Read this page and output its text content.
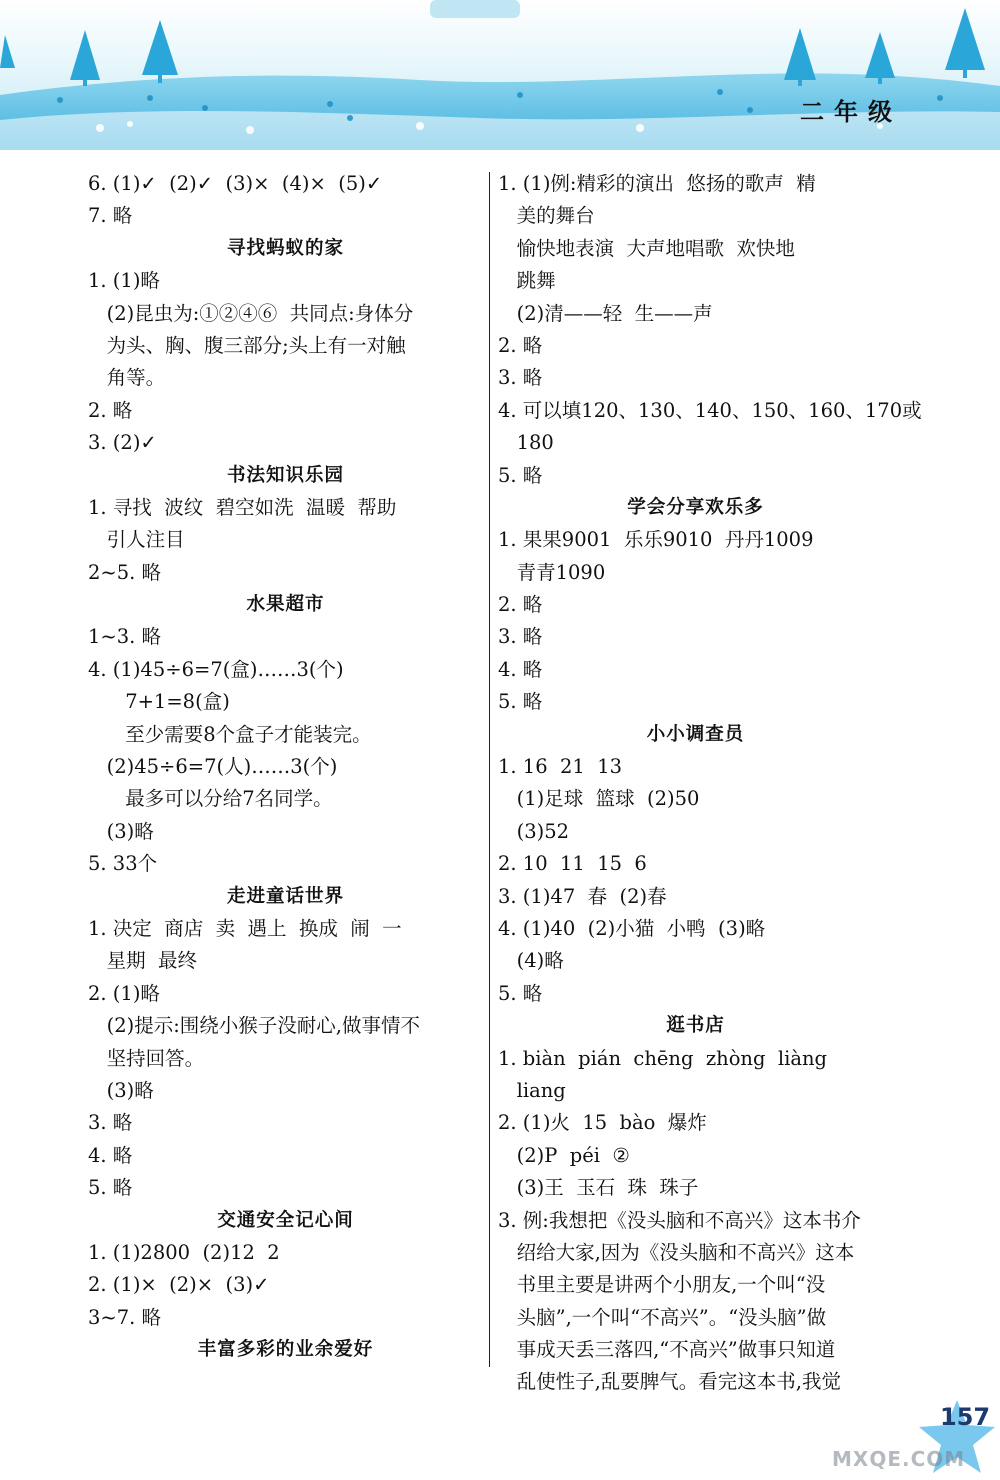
二年级
6. (1)✓  (2)✓  (3)×  (4)×  (5)✓
7. 略
寻找蚂蚁的家
1. (1)略
(2)昆虫为:①②④⑥  共同点:身体分
为头、胸、腹三部分;头上有一对触
角等。
2. 略
3. (2)✓
书法知识乐园
1. 寻找  波纹  碧空如洗  温暖  帮助
引人注目
2~5. 略
水果超市
1~3. 略
4. (1)45÷6=7(盒)……3(个)
7+1=8(盒)
至少需要8个盒子才能装完。
(2)45÷6=7(人)……3(个)
最多可以分给7名同学。
(3)略
5. 33个
走进童话世界
1. 决定  商店  卖  遇上  换成  闹  一
星期  最终
2. (1)略
(2)提示:围绕小猴子没耐心,做事情不
坚持回答。
(3)略
3. 略
4. 略
5. 略
交通安全记心间
1. (1)2800  (2)12  2
2. (1)×  (2)×  (3)✓
3~7. 略
丰富多彩的业余爱好
1. (1)例:精彩的演出  悠扬的歌声  精
美的舞台
愉快地表演  大声地唱歌  欢快地
跳舞
(2)清——轻  生——声
2. 略
3. 略
4. 可以填120、130、140、150、160、170或
180
5. 略
学会分享欢乐多
1. 果果9001  乐乐9010  丹丹1009
青青1090
2. 略
3. 略
4. 略
5. 略
小小调查员
1. 16  21  13
(1)足球  篮球  (2)50
(3)52
2. 10  11  15  6
3. (1)47  春  (2)春
4. (1)40  (2)小猫  小鸭  (3)略
(4)略
5. 略
逛书店
1. biàn  pián  chēng  zhòng  liàng
liang
2. (1)火  15  bào  爆炸
(2)P  péi  ②
(3)王  玉石  珠  珠子
3. 例:我想把《没头脑和不高兴》这本书介
绍给大家,因为《没头脑和不高兴》这本
书里主要是讲两个小朋友,一个叫“没
头脑”,一个叫“不高兴”。“没头脑”做
事成天丢三落四,“不高兴”做事只知道
乱使性子,乱要脾气。看完这本书,我觉
157
MXQE.COM
